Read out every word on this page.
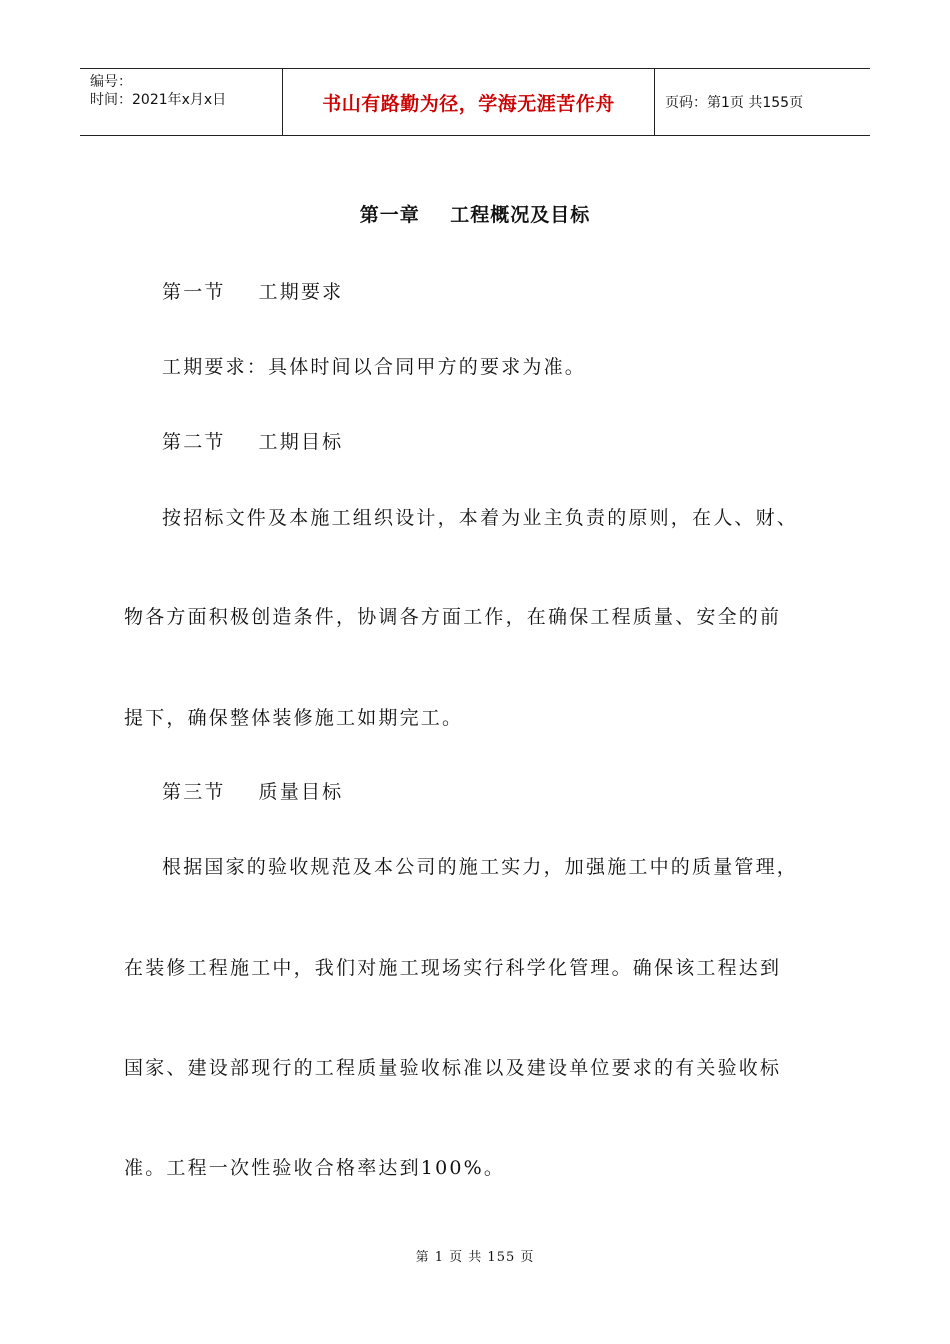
编号：
时间：2021年x月x日	书山有路勤为径，学海无涯苦作舟	页码：第1页 共155页
第一章    工程概况及目标
第一节    工期要求
工期要求：具体时间以合同甲方的要求为准。
第二节    工期目标
按招标文件及本施工组织设计，本着为业主负责的原则，在人、财、
物各方面积极创造条件，协调各方面工作，在确保工程质量、安全的前
提下，确保整体装修施工如期完工。
第三节    质量目标
根据国家的验收规范及本公司的施工实力，加强施工中的质量管理，
在装修工程施工中，我们对施工现场实行科学化管理。确保该工程达到
国家、建设部现行的工程质量验收标准以及建设单位要求的有关验收标
准。工程一次性验收合格率达到100%。
第 1 页 共 155 页
